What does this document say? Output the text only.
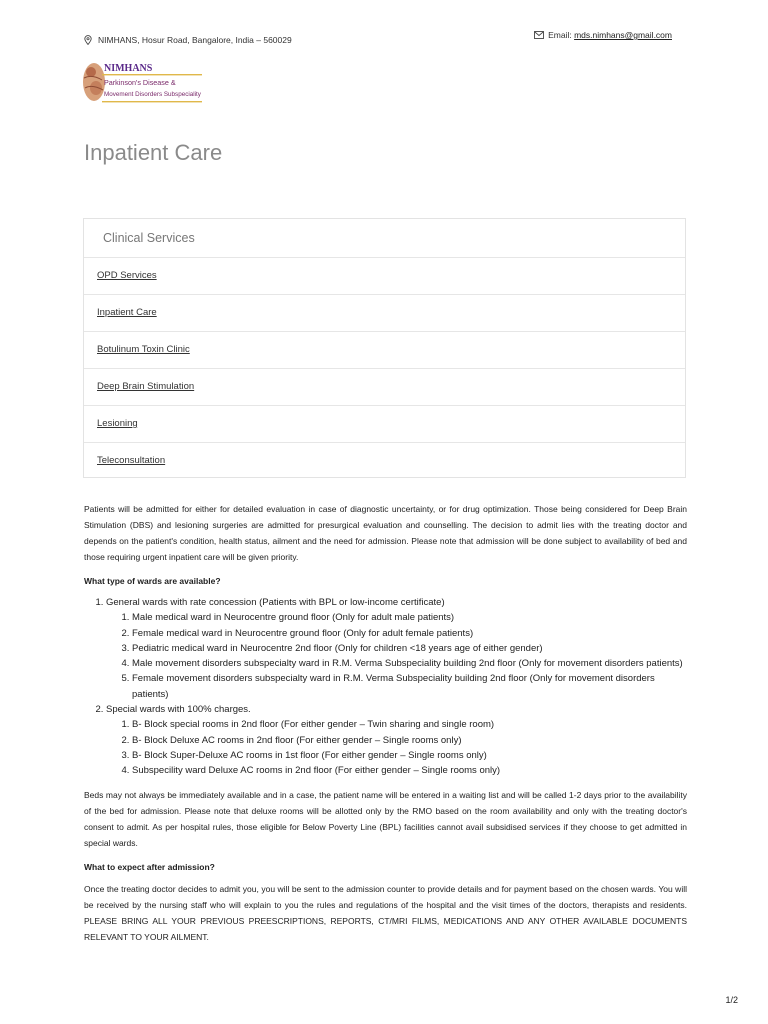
NIMHANS, Hosur Road, Bangalore, India – 560029	Email:
mds.nimhans@gmail.com
NIMHANS
Parkinson's Disease &
Movement Disorders Subspeciality
Inpatient Care
Clinical Services
OPD Services
Inpatient Care
Botulinum Toxin Clinic
Deep Brain Stimulation
Lesioning
Teleconsultation

Patients will be admitted for either for detailed evaluation in case of diagnostic uncertainty, or for drug optimization. Those being considered for Deep Brain Stimulation (DBS) and lesioning surgeries are admitted for presurgical evaluation and counselling. The decision to admit lies with the treating doctor and depends on the patient's condition, health status, ailment and the need for admission. Please note that admission will be done subject to availability of bed and those requiring urgent inpatient care will be given priority.

What type of wards are available?
1. General wards with rate concession (Patients with BPL or low-income certificate)
1. Male medical ward in Neurocentre ground floor (Only for adult male patients)
2. Female medical ward in Neurocentre ground floor (Only for adult female patients)
3. Pediatric medical ward in Neurocentre 2nd floor (Only for children <18 years age of either gender)
4. Male movement disorders subspecialty ward in R.M. Verma Subspeciality building 2nd floor (Only for movement disorders patients)
5. Female movement disorders subspecialty ward in R.M. Verma Subspeciality building 2nd floor (Only for movement disorders patients)
2. Special wards with 100% charges.
1. B- Block special rooms in 2nd floor (For either gender – Twin sharing and single room)
2. B- Block Deluxe AC rooms in 2nd floor (For either gender – Single rooms only)
3. B- Block Super-Deluxe AC rooms in 1st floor (For either gender – Single rooms only)
4. Subspecility ward Deluxe AC rooms in 2nd floor (For either gender – Single rooms only)

Beds may not always be immediately available and in a case, the patient name will be entered in a waiting list and will be called 1-2 days prior to the availability of the bed for admission. Please note that deluxe rooms will be allotted only by the RMO based on the room availability and only with the treating doctor's consent to admit. As per hospital rules, those eligible for Below Poverty Line (BPL) facilities cannot avail subsidised services if they choose to get admitted in special wards.

What to expect after admission?

Once the treating doctor decides to admit you, you will be sent to the admission counter to provide details and for payment based on the chosen wards. You will be received by the nursing staff who will explain to you the rules and regulations of the hospital and the visit times of the doctors, therapists and residents. PLEASE BRING ALL YOUR PREVIOUS PREESCRIPTIONS, REPORTS, CT/MRI FILMS, MEDICATIONS AND ANY OTHER AVAILABLE DOCUMENTS RELEVANT TO YOUR AILMENT.

1/2
